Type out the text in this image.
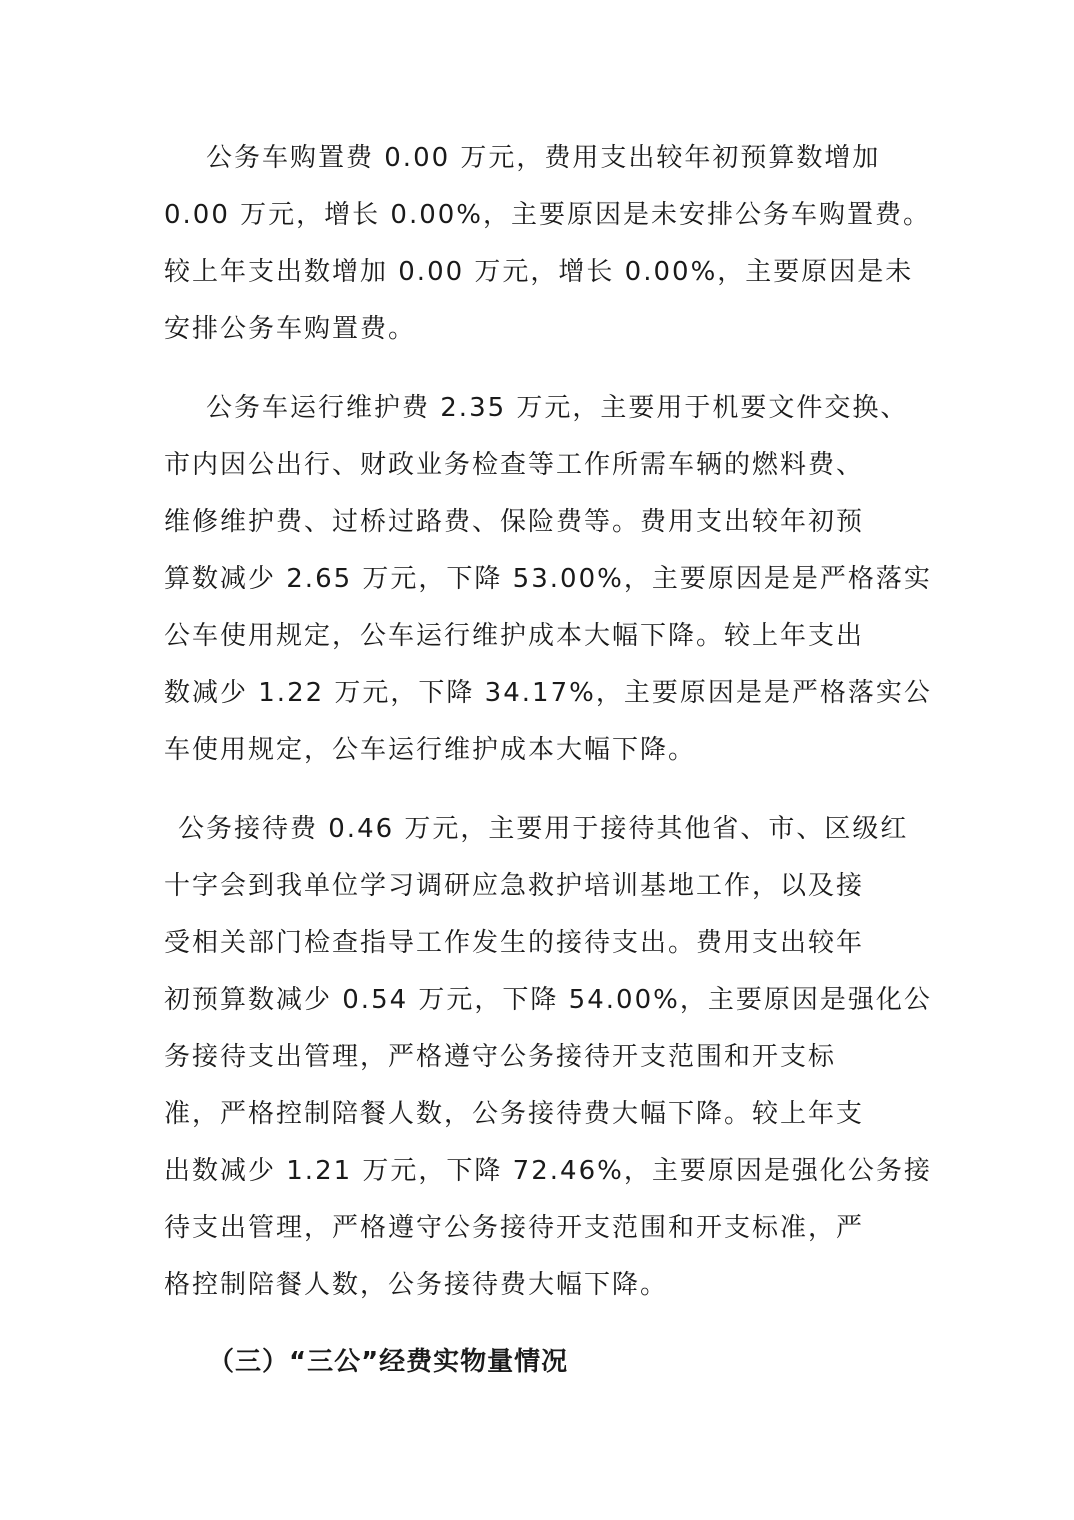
公务车购置费 0.00 万元，费用支出较年初预算数增加
0.00 万元，增长 0.00%，主要原因是未安排公务车购置费。
较上年支出数增加 0.00 万元，增长 0.00%，主要原因是未
安排公务车购置费。
公务车运行维护费 2.35 万元，主要用于机要文件交换、
市内因公出行、财政业务检查等工作所需车辆的燃料费、
维修维护费、过桥过路费、保险费等。费用支出较年初预
算数减少 2.65 万元，下降 53.00%，主要原因是是严格落实
公车使用规定，公车运行维护成本大幅下降。较上年支出
数减少 1.22 万元，下降 34.17%，主要原因是是严格落实公
车使用规定，公车运行维护成本大幅下降。
公务接待费 0.46 万元，主要用于接待其他省、市、区级红
十字会到我单位学习调研应急救护培训基地工作，以及接
受相关部门检查指导工作发生的接待支出。费用支出较年
初预算数减少 0.54 万元，下降 54.00%，主要原因是强化公
务接待支出管理，严格遵守公务接待开支范围和开支标
准，严格控制陪餐人数，公务接待费大幅下降。较上年支
出数减少 1.21 万元，下降 72.46%，主要原因是强化公务接
待支出管理，严格遵守公务接待开支范围和开支标准，严
格控制陪餐人数，公务接待费大幅下降。
（三）“三公”经费实物量情况
